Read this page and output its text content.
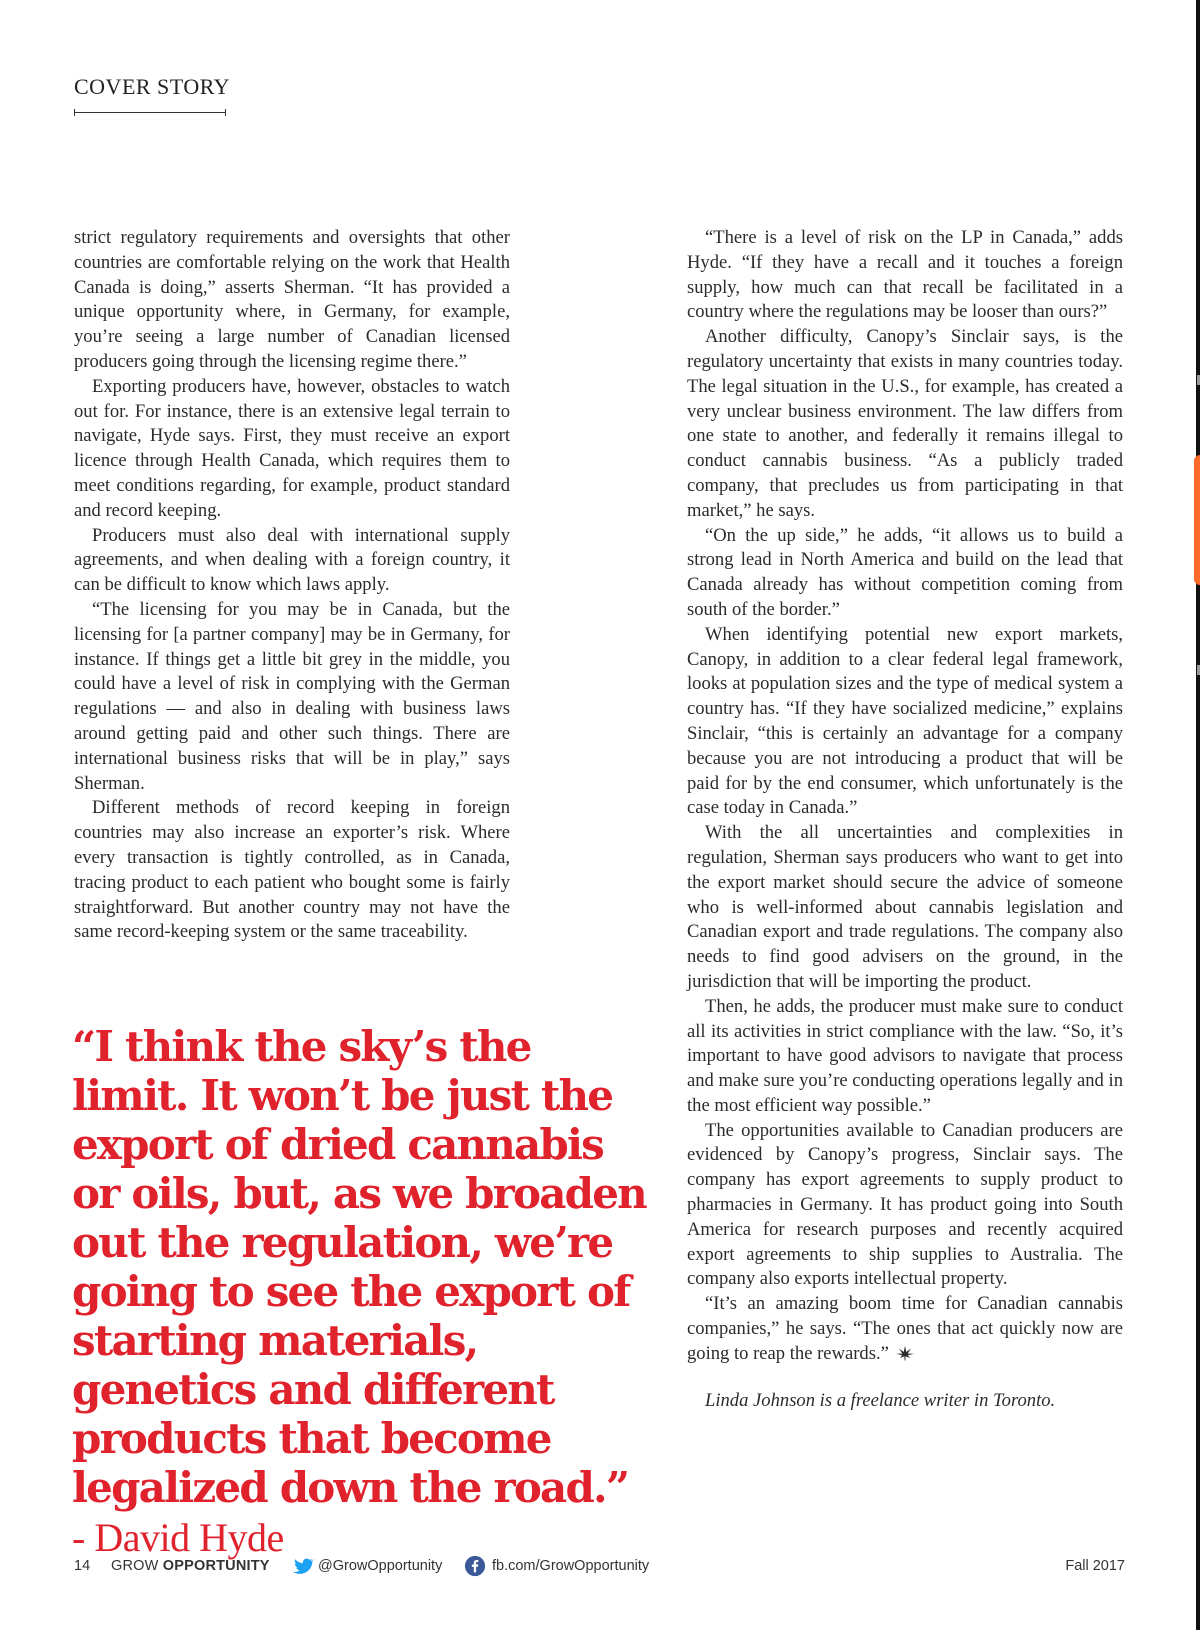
COVER STORY

strict regulatory requirements and oversights that other countries are comfortable relying on the work that Health Canada is doing,” asserts Sherman. “It has provided a unique opportunity where, in Germany, for example, you’re seeing a large number of Canadian licensed producers going through the licensing regime there.”

Exporting producers have, however, obstacles to watch out for. For instance, there is an extensive legal terrain to navigate, Hyde says. First, they must receive an export licence through Health Canada, which requires them to meet conditions regarding, for example, product standard and record keeping.

Producers must also deal with international supply agreements, and when dealing with a foreign country, it can be difficult to know which laws apply.

“The licensing for you may be in Canada, but the licensing for [a partner company] may be in Germany, for instance. If things get a little bit grey in the middle, you could have a level of risk in complying with the German regulations — and also in dealing with business laws around getting paid and other such things. There are international business risks that will be in play,” says Sherman.

Different methods of record keeping in foreign countries may also increase an exporter’s risk. Where every transaction is tightly controlled, as in Canada, tracing product to each patient who bought some is fairly straightforward. But another country may not have the same record-keeping system or the same traceability.

“I think the sky’s the limit. It won’t be just the export of dried cannabis or oils, but, as we broaden out the regulation, we’re going to see the export of starting materials, genetics and different products that become legalized down the road.” - David Hyde

“There is a level of risk on the LP in Canada,” adds Hyde. “If they have a recall and it touches a foreign supply, how much can that recall be facilitated in a country where the regulations may be looser than ours?”

Another difficulty, Canopy’s Sinclair says, is the regulatory uncertainty that exists in many countries today. The legal situation in the U.S., for example, has created a very unclear business environment. The law differs from one state to another, and federally it remains illegal to conduct cannabis business. “As a publicly traded company, that precludes us from participating in that market,” he says.

“On the up side,” he adds, “it allows us to build a strong lead in North America and build on the lead that Canada already has without competition coming from south of the border.”

When identifying potential new export markets, Canopy, in addition to a clear federal legal framework, looks at population sizes and the type of medical system a country has. “If they have socialized medicine,” explains Sinclair, “this is certainly an advantage for a company because you are not introducing a product that will be paid for by the end consumer, which unfortunately is the case today in Canada.”

With the all uncertainties and complexities in regulation, Sherman says producers who want to get into the export market should secure the advice of someone who is well-informed about cannabis legislation and Canadian export and trade regulations. The company also needs to find good advisers on the ground, in the jurisdiction that will be importing the product.

Then, he adds, the producer must make sure to conduct all its activities in strict compliance with the law. “So, it’s important to have good advisors to navigate that process and make sure you’re conducting operations legally and in the most efficient way possible.”

The opportunities available to Canadian producers are evidenced by Canopy’s progress, Sinclair says. The company has export agreements to supply product to pharmacies in Germany. It has product going into South America for research purposes and recently acquired export agreements to ship supplies to Australia. The company also exports intellectual property.

“It’s an amazing boom time for Canadian cannabis companies,” he says. “The ones that act quickly now are going to reap the rewards.”

Linda Johnson is a freelance writer in Toronto.

14 GROW OPPORTUNITY	@GrowOpportunity	fb.com/GrowOpportunity	Fall 2017
